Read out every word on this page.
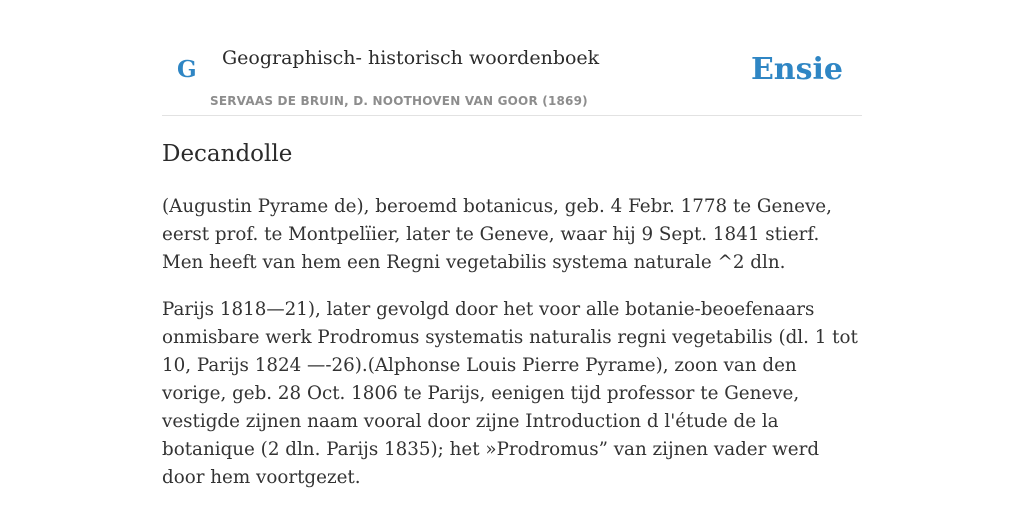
G Geographisch- historisch woordenboek
SERVAAS DE BRUIN, D. NOOTHOVEN VAN GOOR (1869)
Ensie
Decandolle

(Augustin Pyrame de), beroemd botanicus, geb. 4 Febr. 1778 te Geneve, eerst prof. te Montpelïier, later te Geneve, waar hij 9 Sept. 1841 stierf. Men heeft van hem een Regni vegetabilis systema naturale ^2 dln.

Parijs 1818—21), later gevolgd door het voor alle botanie-beoefenaars onmisbare werk Prodromus systematis naturalis regni vegetabilis (dl. 1 tot 10, Parijs 1824 —-26).(Alphonse Louis Pierre Pyrame), zoon van den vorige, geb. 28 Oct. 1806 te Parijs, eenigen tijd professor te Geneve, vestigde zijnen naam vooral door zijne Introduction d l'étude de la botanique (2 dln. Parijs 1835); het »Prodromus” van zijnen vader werd door hem voortgezet.
